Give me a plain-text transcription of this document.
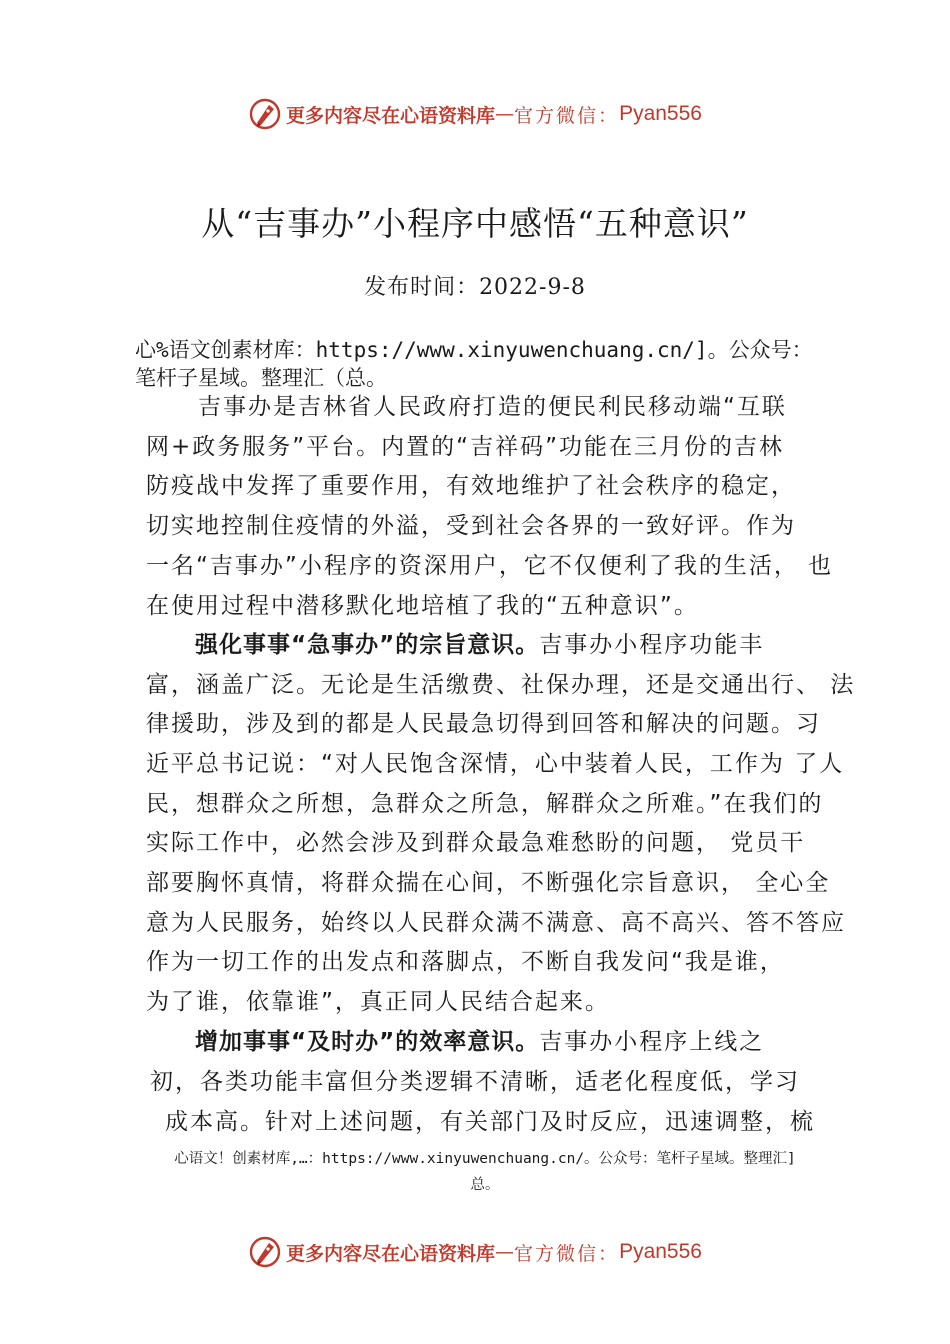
更多内容尽在心语资料库 — 官方微信： Pyan556
从“吉事办”小程序中感悟“五种意识”
发布时间：2022-9-8
心%语文创素材库：https://www.xinyuwenchuang.cn/]。公众号：笔杆子星域。整理汇（总。
吉事办是吉林省人民政府打造的便民利民移动端“互联
网+政务服务”平台。内置的“吉祥码”功能在三月份的吉林
防疫战中发挥了重要作用，有效地维护了社会秩序的稳定，
切实地控制住疫情的外溢，受到社会各界的一致好评。作为
一名“吉事办”小程序的资深用户，它不仅便利了我的生活， 也
在使用过程中潜移默化地培植了我的“五种意识”。
强化事事“急事办”的宗旨意识。吉事办小程序功能丰
富，涵盖广泛。无论是生活缴费、社保办理，还是交通出行、 法
律援助，涉及到的都是人民最急切得到回答和解决的问题。习
近平总书记说：“对人民饱含深情，心中装着人民，工作为 了人
民，想群众之所想，急群众之所急，解群众之所难。”在我们的
实际工作中，必然会涉及到群众最急难愁盼的问题， 党员干
部要胸怀真情，将群众揣在心间，不断强化宗旨意识， 全心全
意为人民服务，始终以人民群众满不满意、高不高兴、答不答应
作为一切工作的出发点和落脚点，不断自我发问“我是谁，
为了谁，依靠谁”，真正同人民结合起来。
增加事事“及时办”的效率意识。吉事办小程序上线之
初，各类功能丰富但分类逻辑不清晰，适老化程度低，学习
成本高。针对上述问题，有关部门及时反应，迅速调整，梳
心语文！创素材库,…：https://www.xinyuwenchuang.cn/。公众号：笔杆子星域。整理汇]
总。
更多内容尽在心语资料库 — 官方微信： Pyan556
